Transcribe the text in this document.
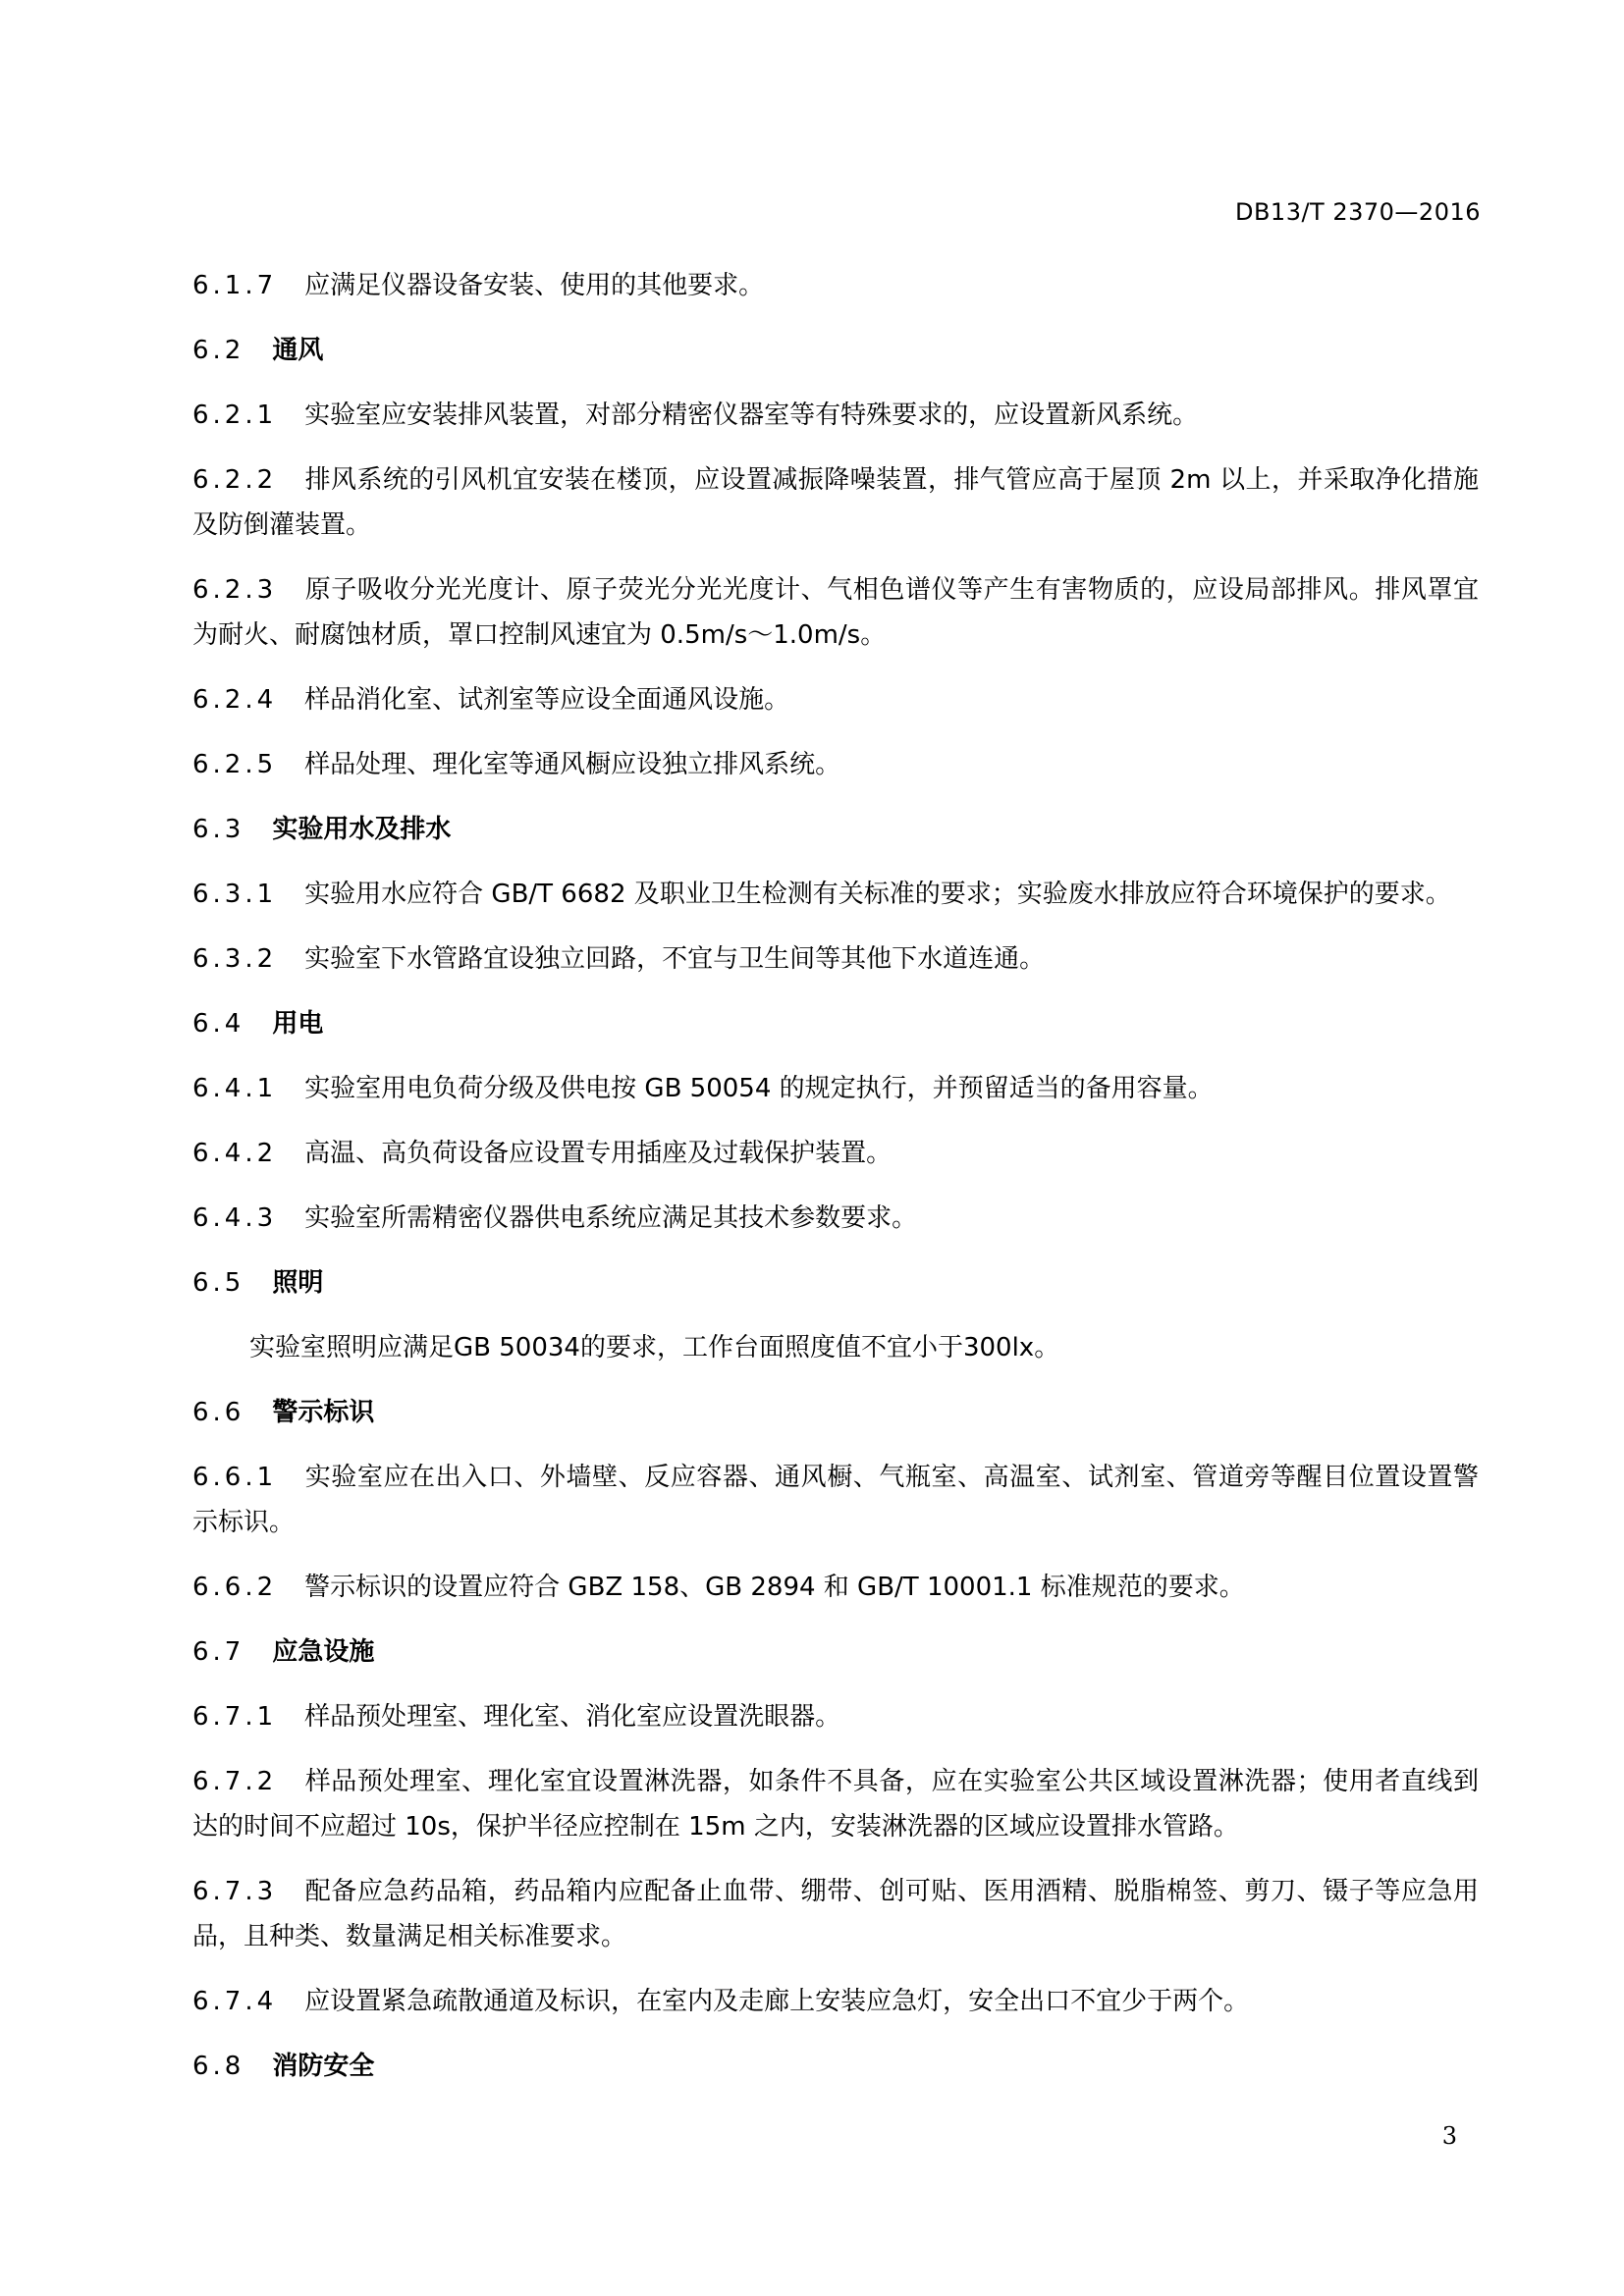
DB13/T 2370—2016
6.1.7 应满足仪器设备安装、使用的其他要求。
6.2 通风
6.2.1 实验室应安装排风装置，对部分精密仪器室等有特殊要求的，应设置新风系统。
6.2.2 排风系统的引风机宜安装在楼顶，应设置减振降噪装置，排气管应高于屋顶 2m 以上，并采取净化措施及防倒灌装置。
6.2.3 原子吸收分光光度计、原子荧光分光光度计、气相色谱仪等产生有害物质的，应设局部排风。排风罩宜为耐火、耐腐蚀材质，罩口控制风速宜为 0.5m/s～1.0m/s。
6.2.4 样品消化室、试剂室等应设全面通风设施。
6.2.5 样品处理、理化室等通风橱应设独立排风系统。
6.3 实验用水及排水
6.3.1 实验用水应符合 GB/T 6682 及职业卫生检测有关标准的要求；实验废水排放应符合环境保护的要求。
6.3.2 实验室下水管路宜设独立回路，不宜与卫生间等其他下水道连通。
6.4 用电
6.4.1 实验室用电负荷分级及供电按 GB 50054 的规定执行，并预留适当的备用容量。
6.4.2 高温、高负荷设备应设置专用插座及过载保护装置。
6.4.3 实验室所需精密仪器供电系统应满足其技术参数要求。
6.5 照明
实验室照明应满足GB 50034的要求，工作台面照度值不宜小于300lx。
6.6 警示标识
6.6.1 实验室应在出入口、外墙壁、反应容器、通风橱、气瓶室、高温室、试剂室、管道旁等醒目位置设置警示标识。
6.6.2 警示标识的设置应符合 GBZ 158、GB 2894 和 GB/T 10001.1 标准规范的要求。
6.7 应急设施
6.7.1 样品预处理室、理化室、消化室应设置洗眼器。
6.7.2 样品预处理室、理化室宜设置淋洗器，如条件不具备，应在实验室公共区域设置淋洗器；使用者直线到达的时间不应超过 10s，保护半径应控制在 15m 之内，安装淋洗器的区域应设置排水管路。
6.7.3 配备应急药品箱，药品箱内应配备止血带、绷带、创可贴、医用酒精、脱脂棉签、剪刀、镊子等应急用品，且种类、数量满足相关标准要求。
6.7.4 应设置紧急疏散通道及标识，在室内及走廊上安装应急灯，安全出口不宜少于两个。
6.8 消防安全
3
